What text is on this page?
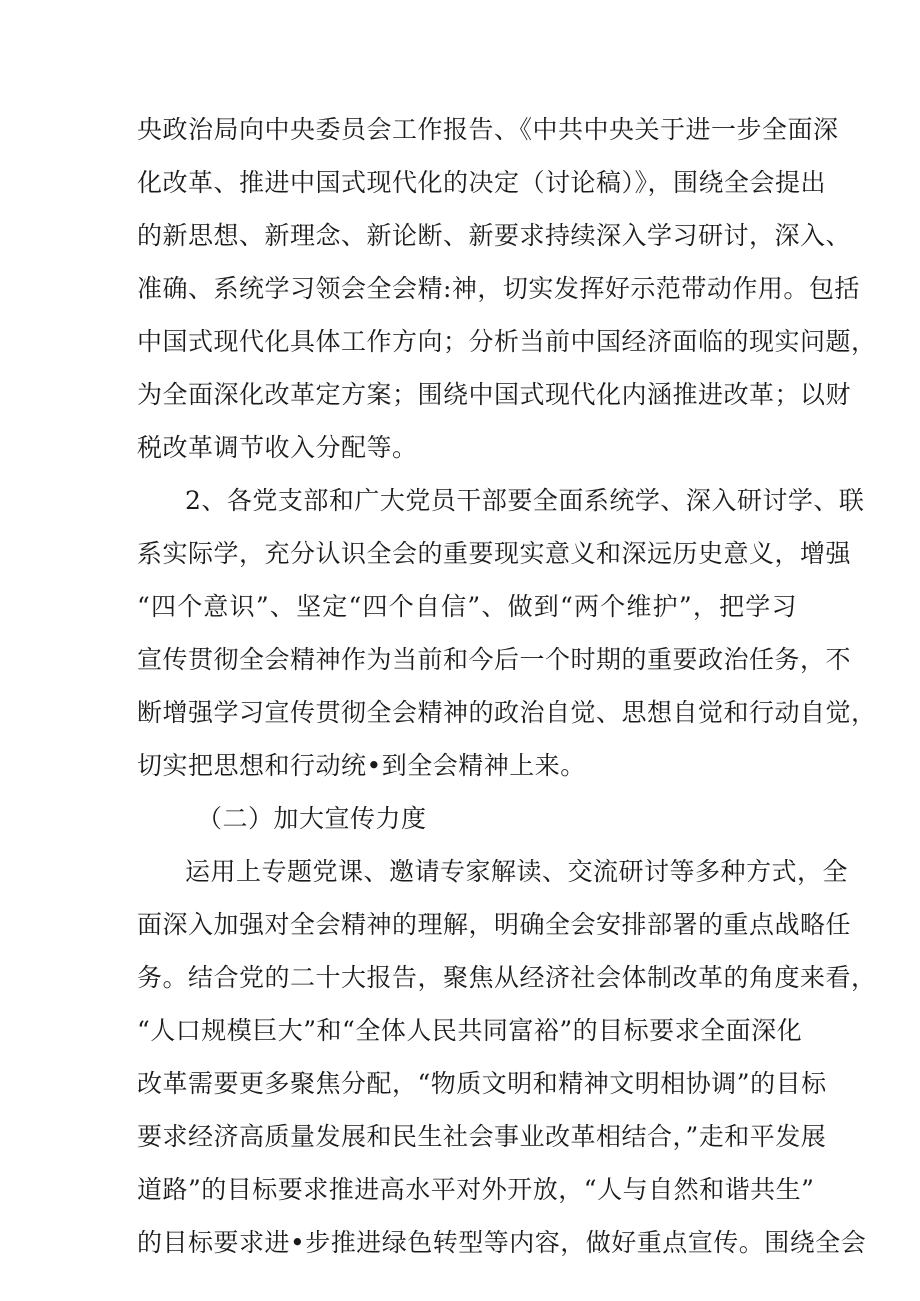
央政治局向中央委员会工作报告、《中共中央关于进一步全面深
化改革、推进中国式现代化的决定（讨论稿）》，围绕全会提出
的新思想、新理念、新论断、新要求持续深入学习研讨，深入、
准确、系统学习领会全会精:神，切实发挥好示范带动作用。包括
中国式现代化具体工作方向；分析当前中国经济面临的现实问题，
为全面深化改革定方案；围绕中国式现代化内涵推进改革；以财
税改革调节收入分配等。
2、各党支部和广大党员干部要全面系统学、深入研讨学、联
系实际学，充分认识全会的重要现实意义和深远历史意义，增强
“四个意识”、坚定“四个自信”、做到“两个维护”，把学习
宣传贯彻全会精神作为当前和今后一个时期的重要政治任务，不
断增强学习宣传贯彻全会精神的政治自觉、思想自觉和行动自觉，
切实把思想和行动统•到全会精神上来。
（二）加大宣传力度
运用上专题党课、邀请专家解读、交流研讨等多种方式，全
面深入加强对全会精神的理解，明确全会安排部署的重点战略任
务。结合党的二十大报告，聚焦从经济社会体制改革的角度来看，
“人口规模巨大”和“全体人民共同富裕”的目标要求全面深化
改革需要更多聚焦分配，“物质文明和精神文明相协调”的目标
要求经济高质量发展和民生社会事业改革相结合，”走和平发展
道路”的目标要求推进高水平对外开放，“人与自然和谐共生”
的目标要求进•步推进绿色转型等内容，做好重点宣传。围绕全会
